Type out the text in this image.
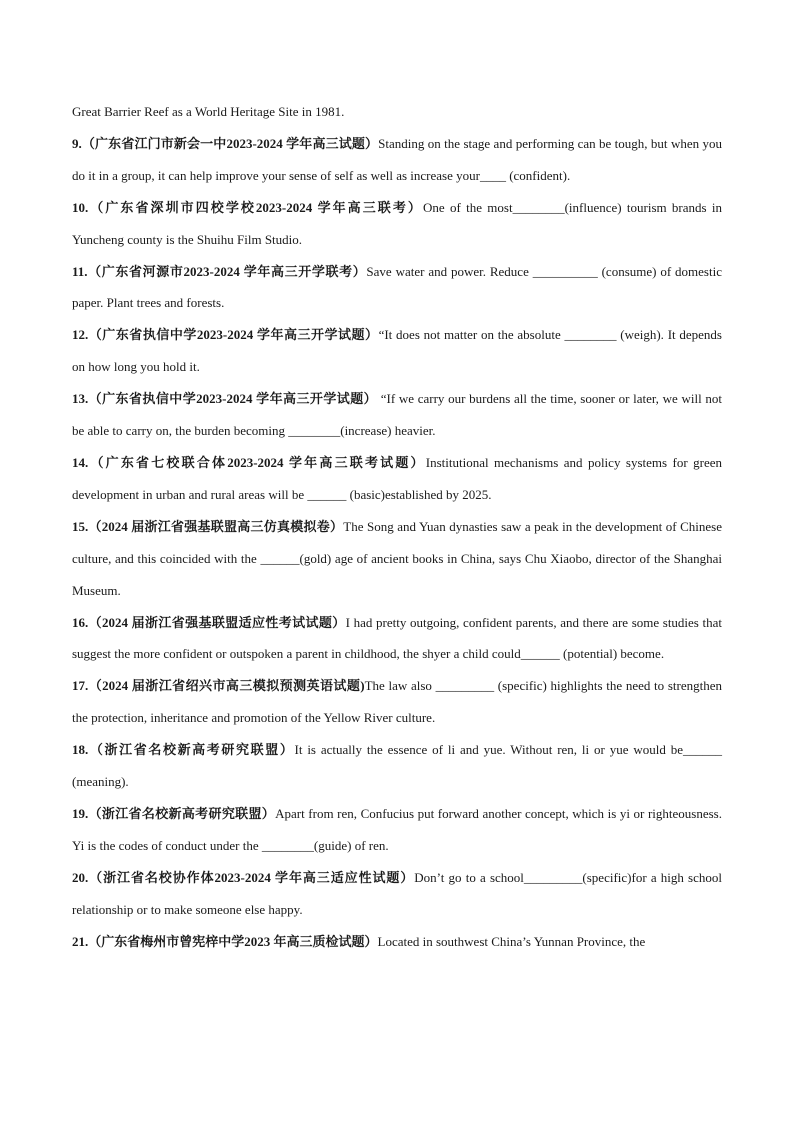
Great Barrier Reef as a World Heritage Site in 1981.

9.（广东省江门市新会一中2023-2024 学年高三试题）Standing on the stage and performing can be tough, but when you do it in a group, it can help improve your sense of self as well as increase your____ (confident).

10.（广东省深圳市四校学校2023-2024 学年高三联考）One of the most________(influence) tourism brands in Yuncheng county is the Shuihu Film Studio.

11.（广东省河源市2023-2024 学年高三开学联考）Save water and power. Reduce __________ (consume) of domestic paper. Plant trees and forests.

12.（广东省执信中学2023-2024 学年高三开学试题）“It does not matter on the absolute ________ (weigh). It depends on how long you hold it.

13.（广东省执信中学2023-2024 学年高三开学试题） “If we carry our burdens all the time, sooner or later, we will not be able to carry on, the burden becoming ________(increase) heavier.

14.（广东省七校联合体2023-2024 学年高三联考试题）Institutional mechanisms and policy systems for green development in urban and rural areas will be ______ (basic)established by 2025.

15.（2024 届浙江省强基联盟高三仿真模拟卷）The Song and Yuan dynasties saw a peak in the development of Chinese culture, and this coincided with the ______(gold) age of ancient books in China, says Chu Xiaobo, director of the Shanghai Museum.

16.（2024 届浙江省强基联盟适应性考试试题）I had pretty outgoing, confident parents, and there are some studies that suggest the more confident or outspoken a parent in childhood, the shyer a child could______ (potential) become.

17.（2024 届浙江省绍兴市高三模拟预测英语试题)The law also _________ (specific) highlights the need to strengthen the protection, inheritance and promotion of the Yellow River culture.

18.（浙江省名校新高考研究联盟）It is actually the essence of li and yue. Without ren, li or yue would be______ (meaning).

19.（浙江省名校新高考研究联盟）Apart from ren, Confucius put forward another concept, which is yi or righteousness. Yi is the codes of conduct under the ________(guide) of ren.

20.（浙江省名校协作体2023-2024 学年高三适应性试题）Don’t go to a school_________(specific)for a high school relationship or to make someone else happy.

21.（广东省梅州市曾宪梓中学2023 年高三质检试题）Located in southwest China’s Yunnan Province, the
